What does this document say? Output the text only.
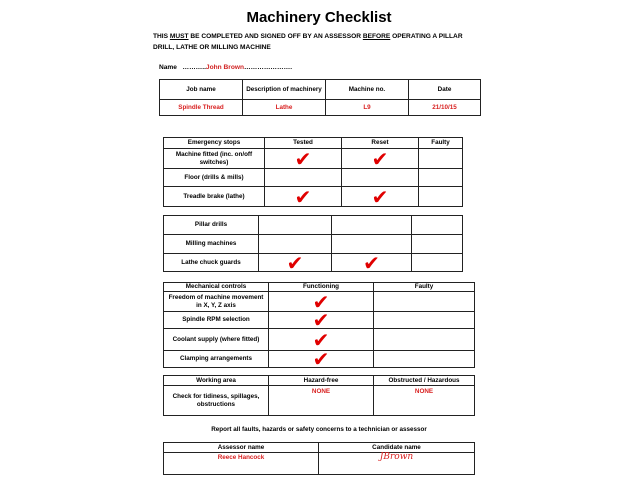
Machinery Checklist
THIS MUST BE COMPLETED AND SIGNED OFF BY AN ASSESSOR BEFORE OPERATING A PILLAR DRILL, LATHE OR MILLING MACHINE
Name ………..John Brown………………….
Job name	Description of machinery	Machine no.	Date
Spindle Thread	Lathe	L9	21/10/15
Emergency stops	Tested	Reset	Faulty
Machine fitted (inc. on/off switches)	✔	✔	
Floor (drills & mills)			
Treadle brake (lathe)	✔	✔	
Pillar drills			
Milling machines			
Lathe chuck guards	✔	✔	
Mechanical controls	Functioning	Faulty
Freedom of machine movement in X, Y, Z axis	✔	
Spindle RPM selection	✔	
Coolant supply (where fitted)	✔	
Clamping arrangements	✔	
Working area	Hazard-free	Obstructed / Hazardous
Check for tidiness, spillages, obstructions	NONE	NONE
Report all faults, hazards or safety concerns to a technician or assessor
Assessor name	Candidate name
Reece Hancock	JBrown
